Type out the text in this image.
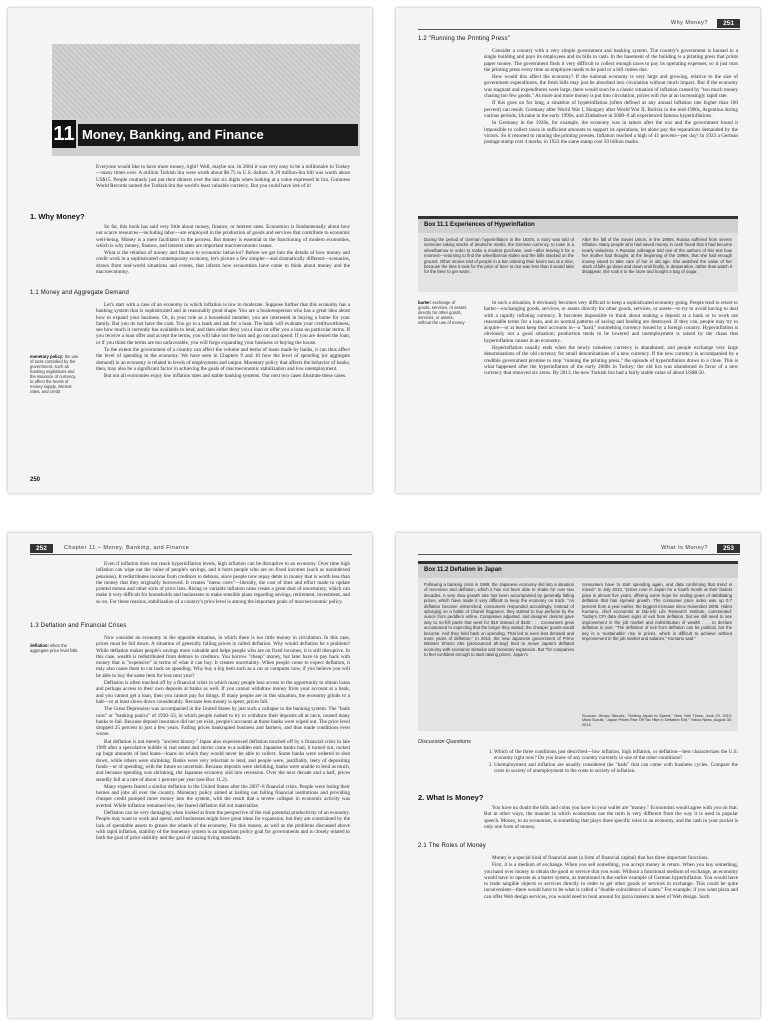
11 Money, Banking, and Finance

Everyone would like to have more money, right? Well, maybe not. In 2004 it was very easy to be a millionaire in Turkey—many times over. A million Turkish lira were worth about $0.75 in U.S. dollars. A 20 million-lira bill was worth about US$15. People routinely just put their dinners over the last six digits when looking at a value expressed in lira. Guinness World Records named the Turkish lira the world's least valuable currency. But you could have lots of it!

1. Why Money?

So far, this book has said very little about money, finance, or interest rates. Economics is fundamentally about how our scarce resources—including labor—are employed in the production of goods and services that contribute to economic well-being. Money is a mere facilitator in the process. But money is essential to the functioning of modern economies, which is why money, finance, and interest rates are important macroeconomic issues.

What is the relation of money and finance to economic behavior? Before we get into the details of how money and credit work in a sophisticated contemporary economy, let's picture a few simpler—and dramatically different—scenarios, drawn from real-world situations and events, that inform how economists have come to think about money and the macroeconomy.

1.1 Money and Aggregate Demand

Let's start with a case of an economy in which inflation is low to moderate. Suppose further that this economy has a banking system that is sophisticated and in reasonably good shape. You are a businessperson who has a great idea about how to expand your business. Or, in your role as a household member, you are interested in buying a home for your family. But you do not have the cash. You go to a bank and ask for a loan. The bank will evaluate your creditworthiness, see how much it currently has available to lend, and then either deny you a loan or offer you a loan on particular terms. If you receive a loan offer and accept the terms, you will take out the loan and go out and spend. If you are denied the loan, or if you think the terms are too unfavorable, you will forgo expanding your business or buying the house.

To the extent the government of a country can affect the volume and terms of loans made by banks, it can thus affect the level of spending in the economy. We have seen in Chapters 9 and 10 how the level of spending (or aggregate demand) in an economy is related to levels of employment and output. Monetary policy that affects the behavior of banks, then, may also be a significant factor in achieving the goals of macroeconomic stabilization and low unemployment.

But not all economies enjoy low inflation rates and stable banking systems. Our next two cases illustrate these cases.

monetary policy: the use of tools controlled by the government, such as banking regulations and the issuance of currency, to affect the levels of money supply, interest rates, and credit
250
Why Money?	251
1.2 "Running the Printing Press"

Consider a country with a very simple government and banking system. The country's government is housed in a single building and pays its employees and its bills in cash. In the basement of the building is a printing press that prints paper money. The government finds it very difficult to collect enough taxes to pay its operating expenses, so it just runs the printing press every time an employee needs to be paid or a bill comes due.

How would this affect the economy? If the national economy is very large and growing, relative to the size of government expenditures, the fresh bills may just be absorbed into circulation without much impact. But if the economy was stagnant and expenditures were large, there would soon be a classic situation of inflation caused by "too much money chasing too few goods." As more and more money is put into circulation, prices will rise at an increasingly rapid rate.

If this goes on for long, a situation of hyperinflation (often defined as any annual inflation rate higher than 100 percent) can result. Germany after World War I, Hungary after World War II, Bolivia in the mid-1980s, Argentina during various periods, Ukraine in the early 1990s, and Zimbabwe in 2008–9 all experienced famous hyperinflations.

In Germany in the 1920s, for example, the economy was in tatters after the war and the government found it impossible to collect taxes in sufficient amounts to support its operations, let alone pay the reparations demanded by the victors. So it resorted to running the printing presses. Inflation reached a high of 41 percent—per day! In 1923 a German postage stamp cost 4 marks; in 1923 the same stamp cost 50 billion marks.

Box 11.1 Experiences of Hyperinflation
During the period of German hyperinflation in the 1920s, a story was told of someone taking stacks of deutsche marks, the German currency, to town in a wheelbarrow in order to make a modest purchase, and—after leaving it for a moment—returning to find the wheelbarrow stolen and the bills stacked on the ground. Other stories told of people in a bar ordering their beers two at a time, because the time it took for the price of beer to rise was less than it would take for the beer to get warm.
After the fall of the Soviet Union, in the 1990s, Russia suffered from severe inflation. Many people who had saved money in cash found that it had become nearly valueless. A Russian colleague told one of the authors of this text how her mother had thought, at the beginning of the 1990s, that she had enough money saved to take care of her in old age. She watched the value of her stack of bills go down and down until finally, in desperation, rather than watch it disappear, she took it to the store and bought a bag of sugar.
barter: exchange of goods, services, or assets directly for other goods, services, or assets, without the use of money

In such a situation, it obviously becomes very difficult to keep a sophisticated economy going. People tend to resort to barter—exchanging goods, services, or assets directly for other goods, services, or assets—to try to avoid having to deal with a rapidly inflating currency. It becomes impossible to think about making a deposit at a bank or to work out reasonable terms for a loan, and so normal patterns of saving and lending are destroyed. If they can, people may try to acquire—or at least keep their accounts in—a "hard," nonmelting currency issued by a foreign country. Hyperinflation is obviously not a good situation; production tends to be lowered and unemployment is raised by the chaos that hyperinflation causes in an economy.

Hyperinflation usually ends when the newly valueless currency is abandoned, and people exchange very large denominations of the old currency for small denominations of a new currency. If the new currency is accompanied by a credible government promise to stop "running the printing press," the episode of hyperinflation draws to a close. This is what happened after the hyperinflation of the early 2000s in Turkey; the old lira was abandoned in favor of a new currency that removed six zeros. By 2013, the new Turkish lira had a fairly stable value of about US$0.50.

252	Chapter 11 – Money, Banking, and Finance

Even if inflation does not reach hyperinflation levels, high inflation can be disruptive to an economy. Over time high inflation can wipe out the value of people's savings, and it hurts people who are on fixed incomes (such as nonindexed pensions). It redistributes income from creditors to debtors, since people now repay debts in money that is worth less than the money that they originally borrowed. It creates "menu costs"—literally, the cost of time and effort made to update printed menus and other sorts of price lists. Rising or variable inflation rates create a great deal of uncertainty, which can make it very difficult for households and businesses to make sensible plans regarding savings, retirement, investment, and so on. For these reasons, stabilization of a country's price level is among the important goals of macroeconomic policy.

1.3 Deflation and Financial Crises

Now consider an economy in the opposite situation, in which there is too little money in circulation. In this case, prices must be bid down. A situation of generally falling prices is called deflation. Why would deflation be a problem? While deflation makes people's savings more valuable and helps people who are on fixed incomes, it is still disruptive. In this case, wealth is redistributed from debtors to creditors. You borrow "cheap" money, but later have to pay back with money that is "expensive" in terms of what it can buy. It creates uncertainty. When people come to expect deflation, it may also cause them to cut back on spending. Why buy a big item such as a car or computer now, if you believe you will be able to buy the same item for less next year?

Deflation is often touched off by a financial crisis in which many people lose access to the opportunity to obtain loans and perhaps access to their own deposits at banks as well. If you cannot withdraw money from your account at a bank, and you cannot get a loan, then you cannot pay for things. If many people are in this situation, the economy grinds to a halt—or at least slows down considerably. Because less money is spent, prices fall.

The Great Depression was accompanied in the United States by just such a collapse in the banking system. The "bank runs" or "banking panics" of 1930–33, in which people rushed to try to withdraw their deposits all at once, caused many banks to fail. Because deposit insurance did not yet exist, people's accounts at those banks were wiped out. The price level dropped 25 percent in just a few years. Falling prices bankrupted business and farmers, and thus made conditions even worse.

But deflation is not merely "ancient history." Japan also experienced deflation touched off by a financial crisis in late 1989 after a speculative bubble in real estate and stocks came to a sudden end. Japanese banks had, it turned out, racked up huge amounts of bad loans—loans on which they would never be able to collect. Some banks were ordered to shut down, while others were shrinking. Banks were very reluctant to lend, and people were, justifiably, leery of depositing funds—or of spending, with the future so uncertain. Because deposits were shrinking, banks were unable to lend as much, and because spending was shrinking, the Japanese economy slid into recession. Over the next decade and a half, prices steadily fell at a rate of about 1 percent per year (see Box 11.2).

Many experts feared a similar deflation in the United States after the 2007–8 financial crisis. People were losing their homes and jobs all over the country. Monetary policy aimed at bailing out failing financial institutions and providing cheaper credit pumped more money into the system, with the result that a severe collapse in economic activity was averted. While inflation remained low, the feared deflation did not materialize.

Deflation can be very damaging when looked at from the perspective of the real potential productivity of an economy. People may want to work and spend, and businesses might have great ideas for expansion, but they are constrained by the lack of spendable assets to grease the wheels of the economy. For this reason, as well as the problems discussed above with rapid inflation, stability of the monetary system is an important policy goal for governments and is closely related to both the goal of price stability and the goal of raising living standards.

deflation: when the aggregate price level falls
What Is Money?	253
Box 11.2 Deflation in Japan
Following a banking crisis in 1989, the Japanese economy slid into a situation of recession and deflation, which it has not been able to shake for over two decades. A very slow growth rate has been accompanied by generally falling prices, which have made it very difficult to keep the economy on track. "As deflation became entrenched, consumers responded accordingly. Instead of splurging on a bottle of Chanel fragrance, they started to buy perfume by the ounce from peddlers online. Companies adjusted, and designer denims gave way to no-frill pants that went for $10 instead of $100 . . . Consumers grew accustomed to expecting that the longer they waited, the cheaper goods would become. And they held back on spending. That led to even less demand and more years of deflation." In 2013, the new Japanese government of Prime Minister Shinzo Abe (pronounced ah-bay) tried to revive Japan's deflated economy with economic stimulus and monetary expansion. But "for companies to feel confident enough to start raising prices, Japan's
consumers have to start spending again, and data confirming that trend is mixed." In July 2013, "prices rose in Japan for a fourth month at their fastest pace in almost five years, offering some hope for ending years of debilitating deflation that has stymied growth. The consumer price index was up 0.7 percent from a year earlier, the biggest increase since November 2008. Hideo Kumano, chief economist at Dai-ichi Life Research Institute, commented: "today's CPI data shows signs of exit from deflation, but we still need to see improvement in the job market and redistribution of wealth . . . to declare deflation is over. "The definition of exit from deflation can be political, but the key is a 'sustainable' rise in prices, which is difficult to achieve without improvement in the job market and salaries," Kumano said."
Sources: Hiroko Tabuchi, "Getting Japan to Spend," New York Times, June 29, 2013; Miwa Suzuki, "Japan Prices Rise Off Tax Hike in Deflation Exit," Yahoo News, August 30, 2013.
Discussion Questions
1. Which of the three conditions just described—low inflation, high inflation, or deflation—best characterizes the U.S. economy right now? Do you know of any country currently in one of the other conditions?
2. Unemployment and inflation are usually considered the "bads" that can come with business cycles. Compare the costs to society of unemployment to the costs to society of inflation.
2. What Is Money?

You have no doubt the bills and coins you have in your wallet are "money." Economists would agree with you on that. But in other ways, the manner in which economists use the term is very different from the way it is used in popular speech. Money, to an economist, is something that plays three specific roles in an economy, and the cash in your pocket is only one form of money.

2.1 The Roles of Money

Money is a special kind of financial asset (a form of financial capital) that has three important functions.

First, it is a medium of exchange. When you sell something, you accept money in return. When you buy something, you hand over money to obtain the good or service that you want. Without a functional medium of exchange, an economy would have to operate as a barter system, as mentioned in the earlier example of German hyperinflation. You would have to trade tangible objects or services directly in order to get other goods or services in exchange. This could be quite inconvenient—there would have to be what is called a "double coincidence of wants." For example, if you want pizza and can offer Web design services, you would need to hunt around for pizza makers in need of Web design. Such
